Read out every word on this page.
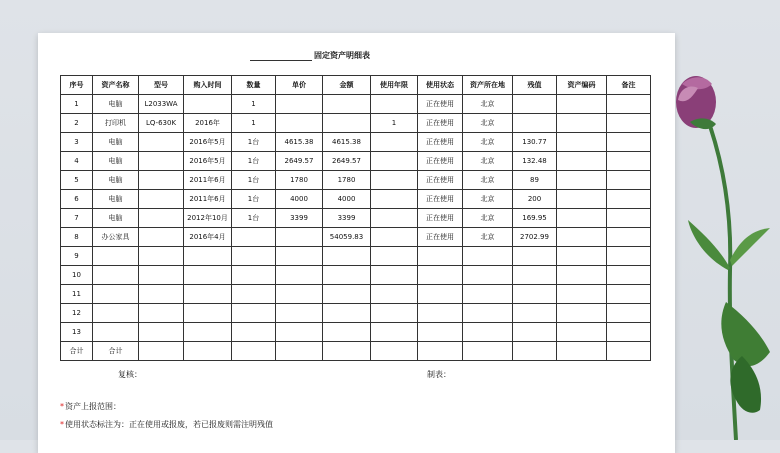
固定资产明细表
序号	资产名称	型号	购入时间	数量	单价	金额	使用年限	使用状态	资产所在地	残值	资产编码	备注
1	电脑	L2033WA		1				正在使用	北京			
2	打印机	LQ-630K	2016年	1			1	正在使用	北京			
3	电脑		2016年5月	1台	4615.38	4615.38		正在使用	北京	130.77		
4	电脑		2016年5月	1台	2649.57	2649.57		正在使用	北京	132.48		
5	电脑		2011年6月	1台	1780	1780		正在使用	北京	89		
6	电脑		2011年6月	1台	4000	4000		正在使用	北京	200		
7	电脑		2012年10月	1台	3399	3399		正在使用	北京	169.95		
8	办公家具		2016年4月			54059.83		正在使用	北京	2702.99		
9												
10												
11												
12												
13												
合计	合计											
复核：	制表：
*资产上报范围：
*使用状态标注为：正在使用或报废，若已报废则需注明残值
